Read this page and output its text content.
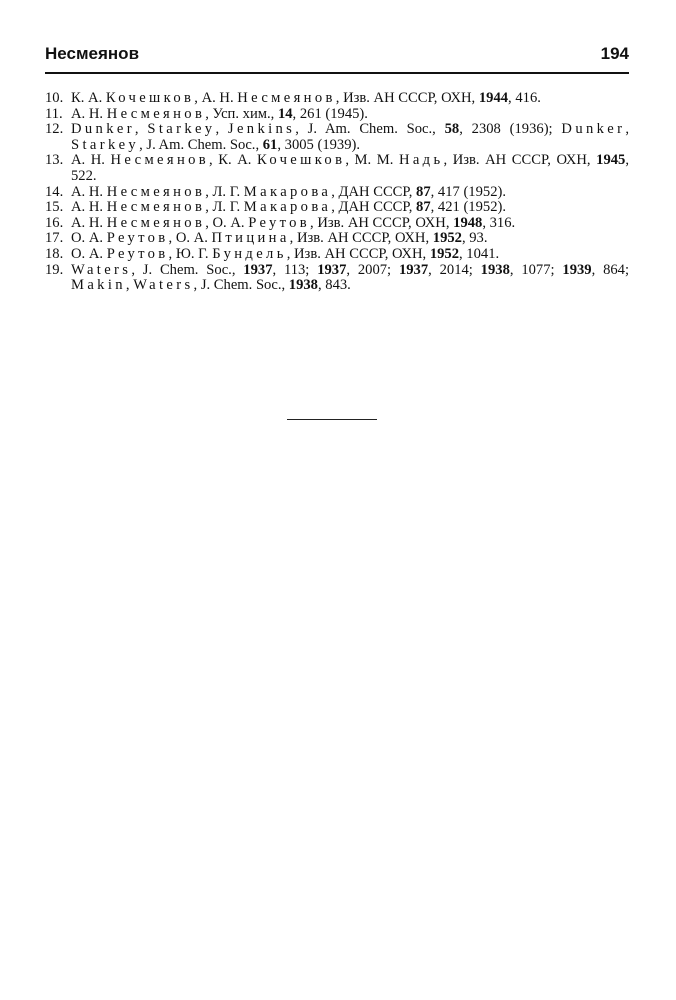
Несмеянов	194
10. К. А. Кочешков, А. Н. Несмеянов, Изв. АН СССР, ОХН, 1944, 416.
11. А. Н. Несмеянов, Усп. хим., 14, 261 (1945).
12. Dunker, Starkey, Jenkins, J. Am. Chem. Soc., 58, 2308 (1936); Dunker, Starkey, J. Am. Chem. Soc., 61, 3005 (1939).
13. А. Н. Несмеянов, К. А. Кочешков, М. М. Надь, Изв. АН СССР, ОХН, 1945, 522.
14. А. Н. Несмеянов, Л. Г. Макарова, ДАН СССР, 87, 417 (1952).
15. А. Н. Несмеянов, Л. Г. Макарова, ДАН СССР, 87, 421 (1952).
16. А. Н. Несмеянов, О. А. Реутов, Изв. АН СССР, ОХН, 1948, 316.
17. О. А. Реутов, О. А. Птицина, Изв. АН СССР, ОХН, 1952, 93.
18. О. А. Реутов, Ю. Г. Бундель, Изв. АН СССР, ОХН, 1952, 1041.
19. Waters, J. Chem. Soc., 1937, 113; 1937, 2007; 1937, 2014; 1938, 1077; 1939, 864; Makin, Waters, J. Chem. Soc., 1938, 843.
